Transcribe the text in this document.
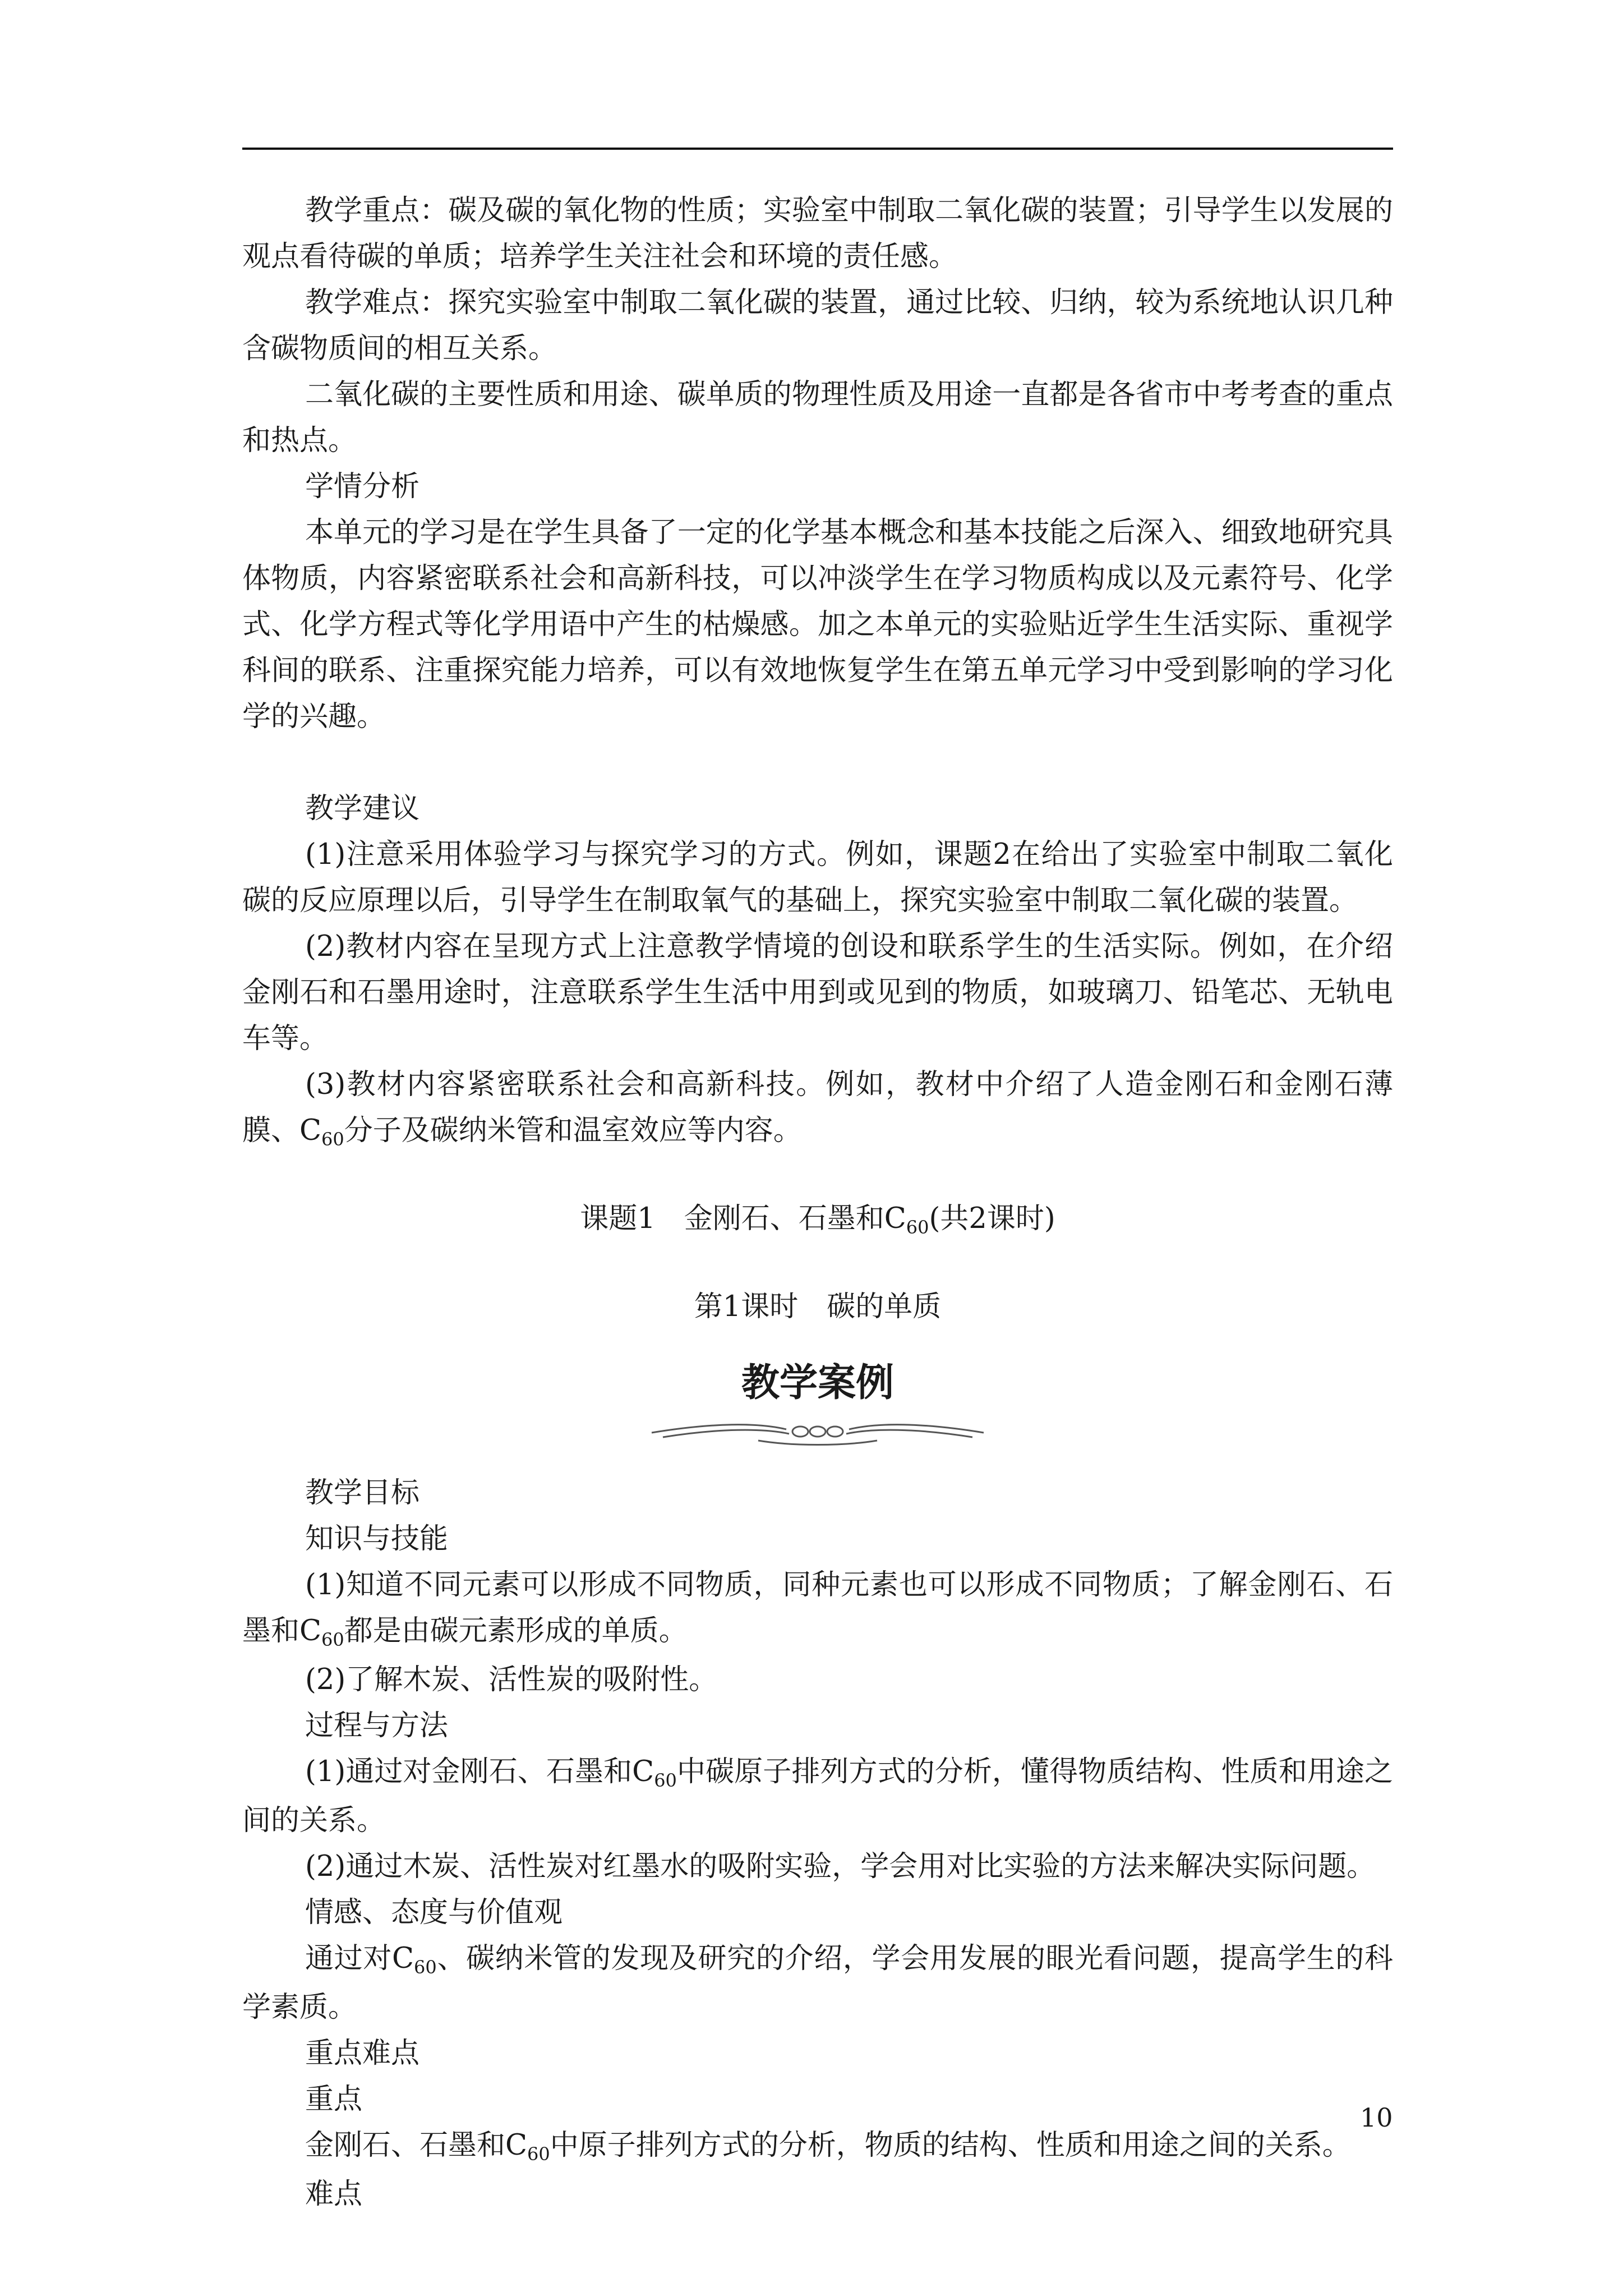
教学重点：碳及碳的氧化物的性质；实验室中制取二氧化碳的装置；引导学生以发展的观点看待碳的单质；培养学生关注社会和环境的责任感。

教学难点：探究实验室中制取二氧化碳的装置，通过比较、归纳，较为系统地认识几种含碳物质间的相互关系。

二氧化碳的主要性质和用途、碳单质的物理性质及用途一直都是各省市中考考查的重点和热点。

学情分析

本单元的学习是在学生具备了一定的化学基本概念和基本技能之后深入、细致地研究具体物质，内容紧密联系社会和高新科技，可以冲淡学生在学习物质构成以及元素符号、化学式、化学方程式等化学用语中产生的枯燥感。加之本单元的实验贴近学生生活实际、重视学科间的联系、注重探究能力培养，可以有效地恢复学生在第五单元学习中受到影响的学习化学的兴趣。

教学建议

(1)注意采用体验学习与探究学习的方式。例如，课题2在给出了实验室中制取二氧化碳的反应原理以后，引导学生在制取氧气的基础上，探究实验室中制取二氧化碳的装置。

(2)教材内容在呈现方式上注意教学情境的创设和联系学生的生活实际。例如，在介绍金刚石和石墨用途时，注意联系学生生活中用到或见到的物质，如玻璃刀、铅笔芯、无轨电车等。

(3)教材内容紧密联系社会和高新科技。例如，教材中介绍了人造金刚石和金刚石薄膜、$C_{60}$分子及碳纳米管和温室效应等内容。

课题1　金刚石、石墨和$C_{60}$(共2课时)

第1课时　碳的单质

教学案例

教学目标

知识与技能

(1)知道不同元素可以形成不同物质，同种元素也可以形成不同物质；了解金刚石、石墨和$C_{60}$都是由碳元素形成的单质。

(2)了解木炭、活性炭的吸附性。

过程与方法

(1)通过对金刚石、石墨和$C_{60}$中碳原子排列方式的分析，懂得物质结构、性质和用途之间的关系。

(2)通过木炭、活性炭对红墨水的吸附实验，学会用对比实验的方法来解决实际问题。

情感、态度与价值观

通过对$C_{60}$、碳纳米管的发现及研究的介绍，学会用发展的眼光看问题，提高学生的科学素质。

重点难点

重点

金刚石、石墨和$C_{60}$中原子排列方式的分析，物质的结构、性质和用途之间的关系。

难点

10
